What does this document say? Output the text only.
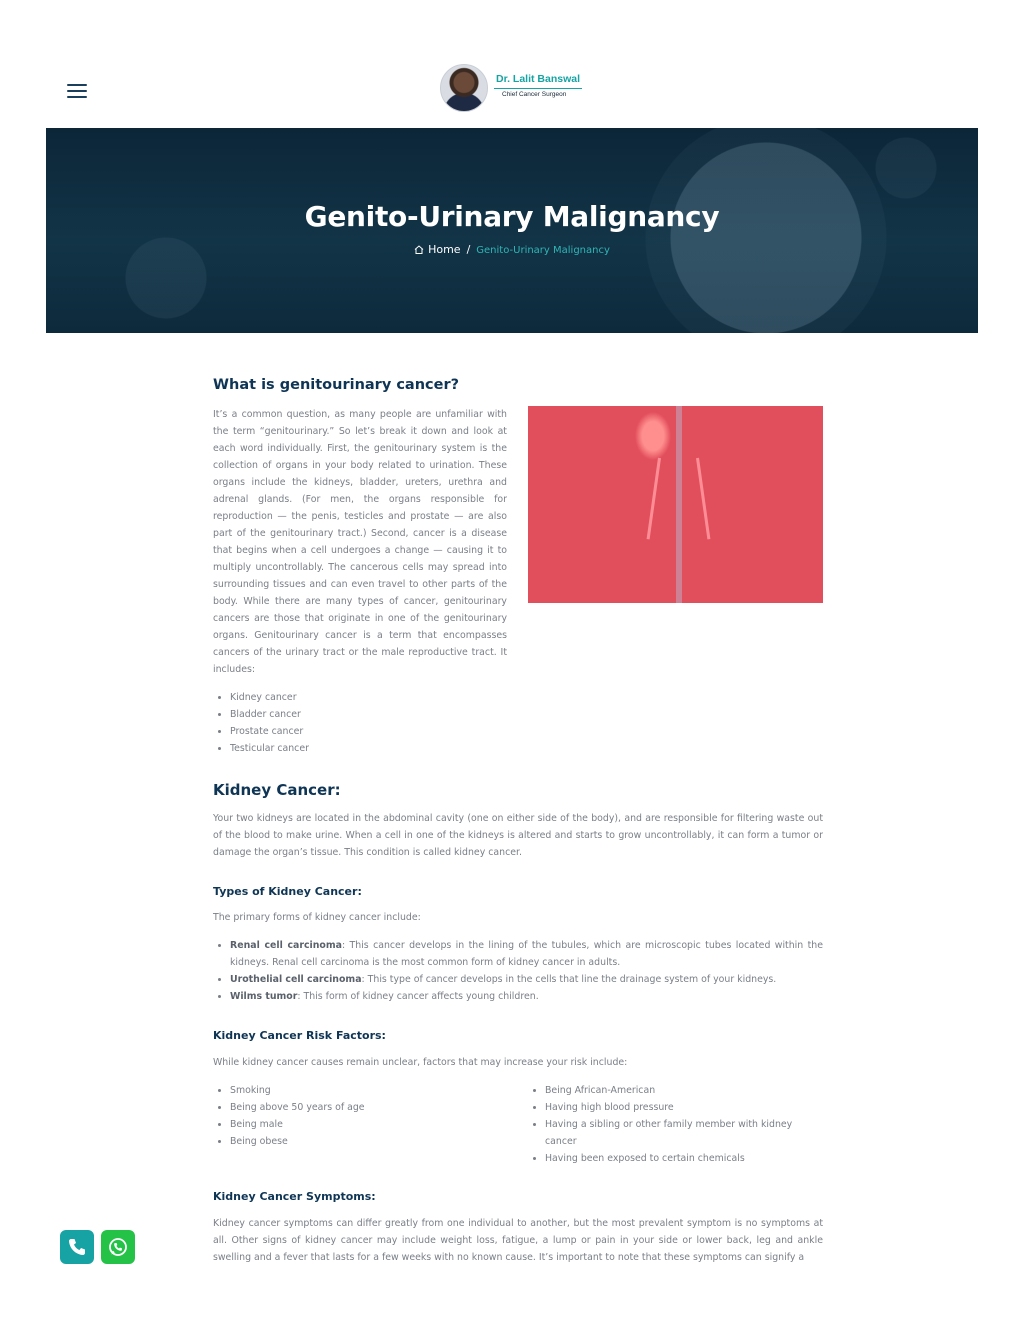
Dr. Lalit Banswal
Chief Cancer Surgeon
Genito-Urinary Malignancy
Home / Genito-Urinary Malignancy
What is genitourinary cancer?

It’s a common question, as many people are unfamiliar with the term “genitourinary.” So let’s break it down and look at each word individually. First, the genitourinary system is the collection of organs in your body related to urination. These organs include the kidneys, bladder, ureters, urethra and adrenal glands. (For men, the organs responsible for reproduction — the penis, testicles and prostate — are also part of the genitourinary tract.) Second, cancer is a disease that begins when a cell undergoes a change — causing it to multiply uncontrollably. The cancerous cells may spread into surrounding tissues and can even travel to other parts of the body. While there are many types of cancer, genitourinary cancers are those that originate in one of the genitourinary organs. Genitourinary cancer is a term that encompasses cancers of the urinary tract or the male reproductive tract. It includes:

• Kidney cancer
• Bladder cancer
• Prostate cancer
• Testicular cancer
Kidney Cancer:

Your two kidneys are located in the abdominal cavity (one on either side of the body), and are responsible for filtering waste out of the blood to make urine. When a cell in one of the kidneys is altered and starts to grow uncontrollably, it can form a tumor or damage the organ’s tissue. This condition is called kidney cancer.

Types of Kidney Cancer:

The primary forms of kidney cancer include:

• Renal cell carcinoma: This cancer develops in the lining of the tubules, which are microscopic tubes located within the kidneys. Renal cell carcinoma is the most common form of kidney cancer in adults.
• Urothelial cell carcinoma: This type of cancer develops in the cells that line the drainage system of your kidneys.
• Wilms tumor: This form of kidney cancer affects young children.
Kidney Cancer Risk Factors:

While kidney cancer causes remain unclear, factors that may increase your risk include:

• Smoking
• Being above 50 years of age
• Being male
• Being obese
• Being African-American
• Having high blood pressure
• Having a sibling or other family member with kidney cancer
• Having been exposed to certain chemicals
Kidney Cancer Symptoms:

Kidney cancer symptoms can differ greatly from one individual to another, but the most prevalent symptom is no symptoms at all. Other signs of kidney cancer may include weight loss, fatigue, a lump or pain in your side or lower back, leg and ankle swelling and a fever that lasts for a few weeks with no known cause. It’s important to note that these symptoms can signify a
